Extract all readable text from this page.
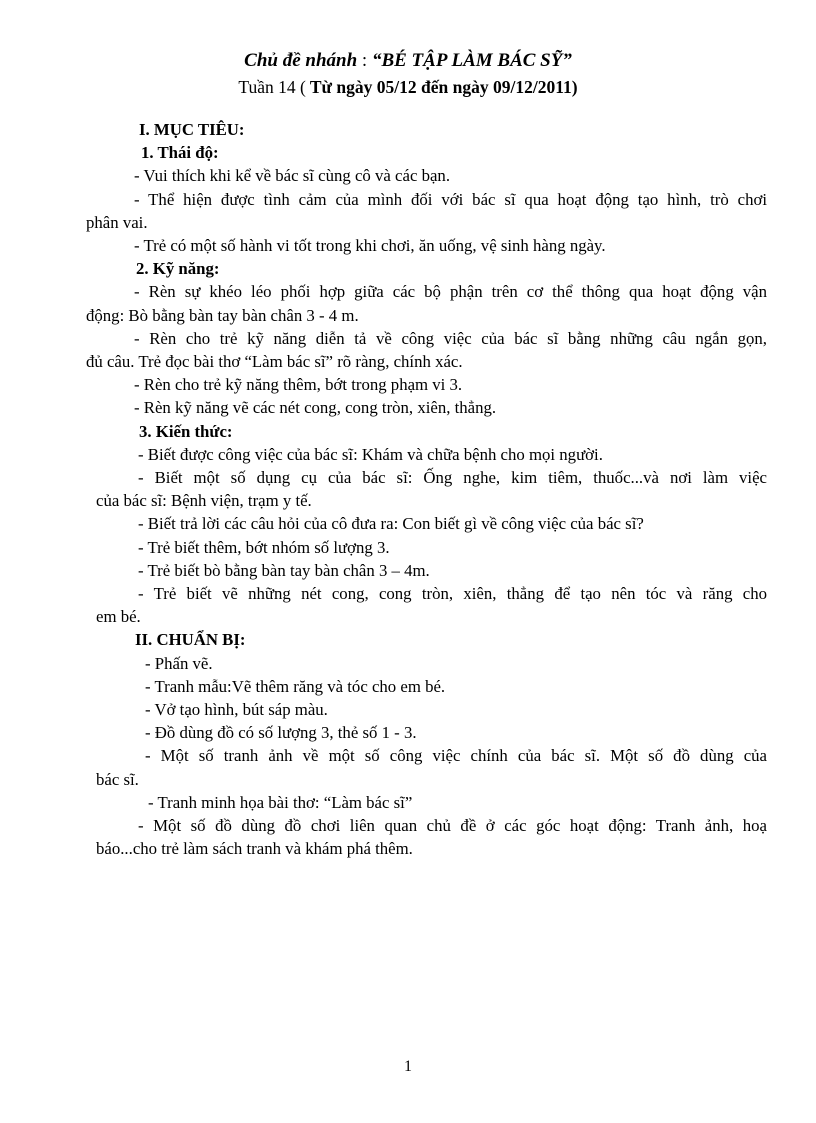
Chủ đề nhánh : “BÉ TẬP LÀM BÁC SỸ”
Tuần 14 ( Từ ngày 05/12 đến ngày 09/12/2011)
I. MỤC TIÊU:
1. Thái độ:
- Vui thích khi kể về bác sĩ cùng cô và các bạn.
- Thể hiện được tình cảm của mình đối với bác sĩ qua hoạt động tạo hình, trò chơi
phân vai.
- Trẻ có một số hành vi tốt trong khi chơi, ăn uống, vệ sinh hàng ngày.
2. Kỹ năng:
- Rèn sự khéo léo phối hợp giữa các bộ phận trên cơ thể thông qua hoạt động vận
động: Bò bằng bàn tay bàn chân 3 - 4 m.
- Rèn cho trẻ kỹ năng diễn tả về công việc của bác sĩ bằng những câu ngắn gọn,
đủ câu. Trẻ đọc bài thơ “Làm bác sĩ” rõ ràng, chính xác.
- Rèn cho trẻ kỹ năng thêm, bớt trong phạm vi 3.
- Rèn kỹ năng vẽ các nét cong, cong tròn, xiên, thẳng.
3. Kiến thức:
- Biết được công việc của bác sĩ: Khám và chữa bệnh cho mọi người.
- Biết một số dụng cụ của bác sĩ: Ống nghe, kim tiêm, thuốc...và nơi làm việc
của bác sĩ: Bệnh viện, trạm y tế.
- Biết trả lời các câu hỏi của cô đưa ra: Con biết gì về công việc của bác sĩ?
- Trẻ biết thêm, bớt nhóm số lượng 3.
- Trẻ biết bò bằng bàn tay bàn chân 3 – 4m.
- Trẻ biết vẽ những nét cong, cong tròn, xiên, thẳng để tạo nên tóc và răng cho
em bé.
II. CHUẨN BỊ:
- Phấn vẽ.
- Tranh mẫu:Vẽ thêm răng và tóc cho em bé.
- Vở tạo hình, bút sáp màu.
- Đồ dùng đồ có số lượng 3, thẻ số 1 - 3.
- Một số tranh ảnh về một số công việc chính của bác sĩ. Một số đồ dùng của
bác sĩ.
- Tranh minh họa bài thơ: “Làm bác sĩ”
- Một số đồ dùng đồ chơi liên quan chủ đề ở các góc hoạt động: Tranh ảnh, hoạ
báo...cho trẻ làm sách tranh và khám phá thêm.
1
